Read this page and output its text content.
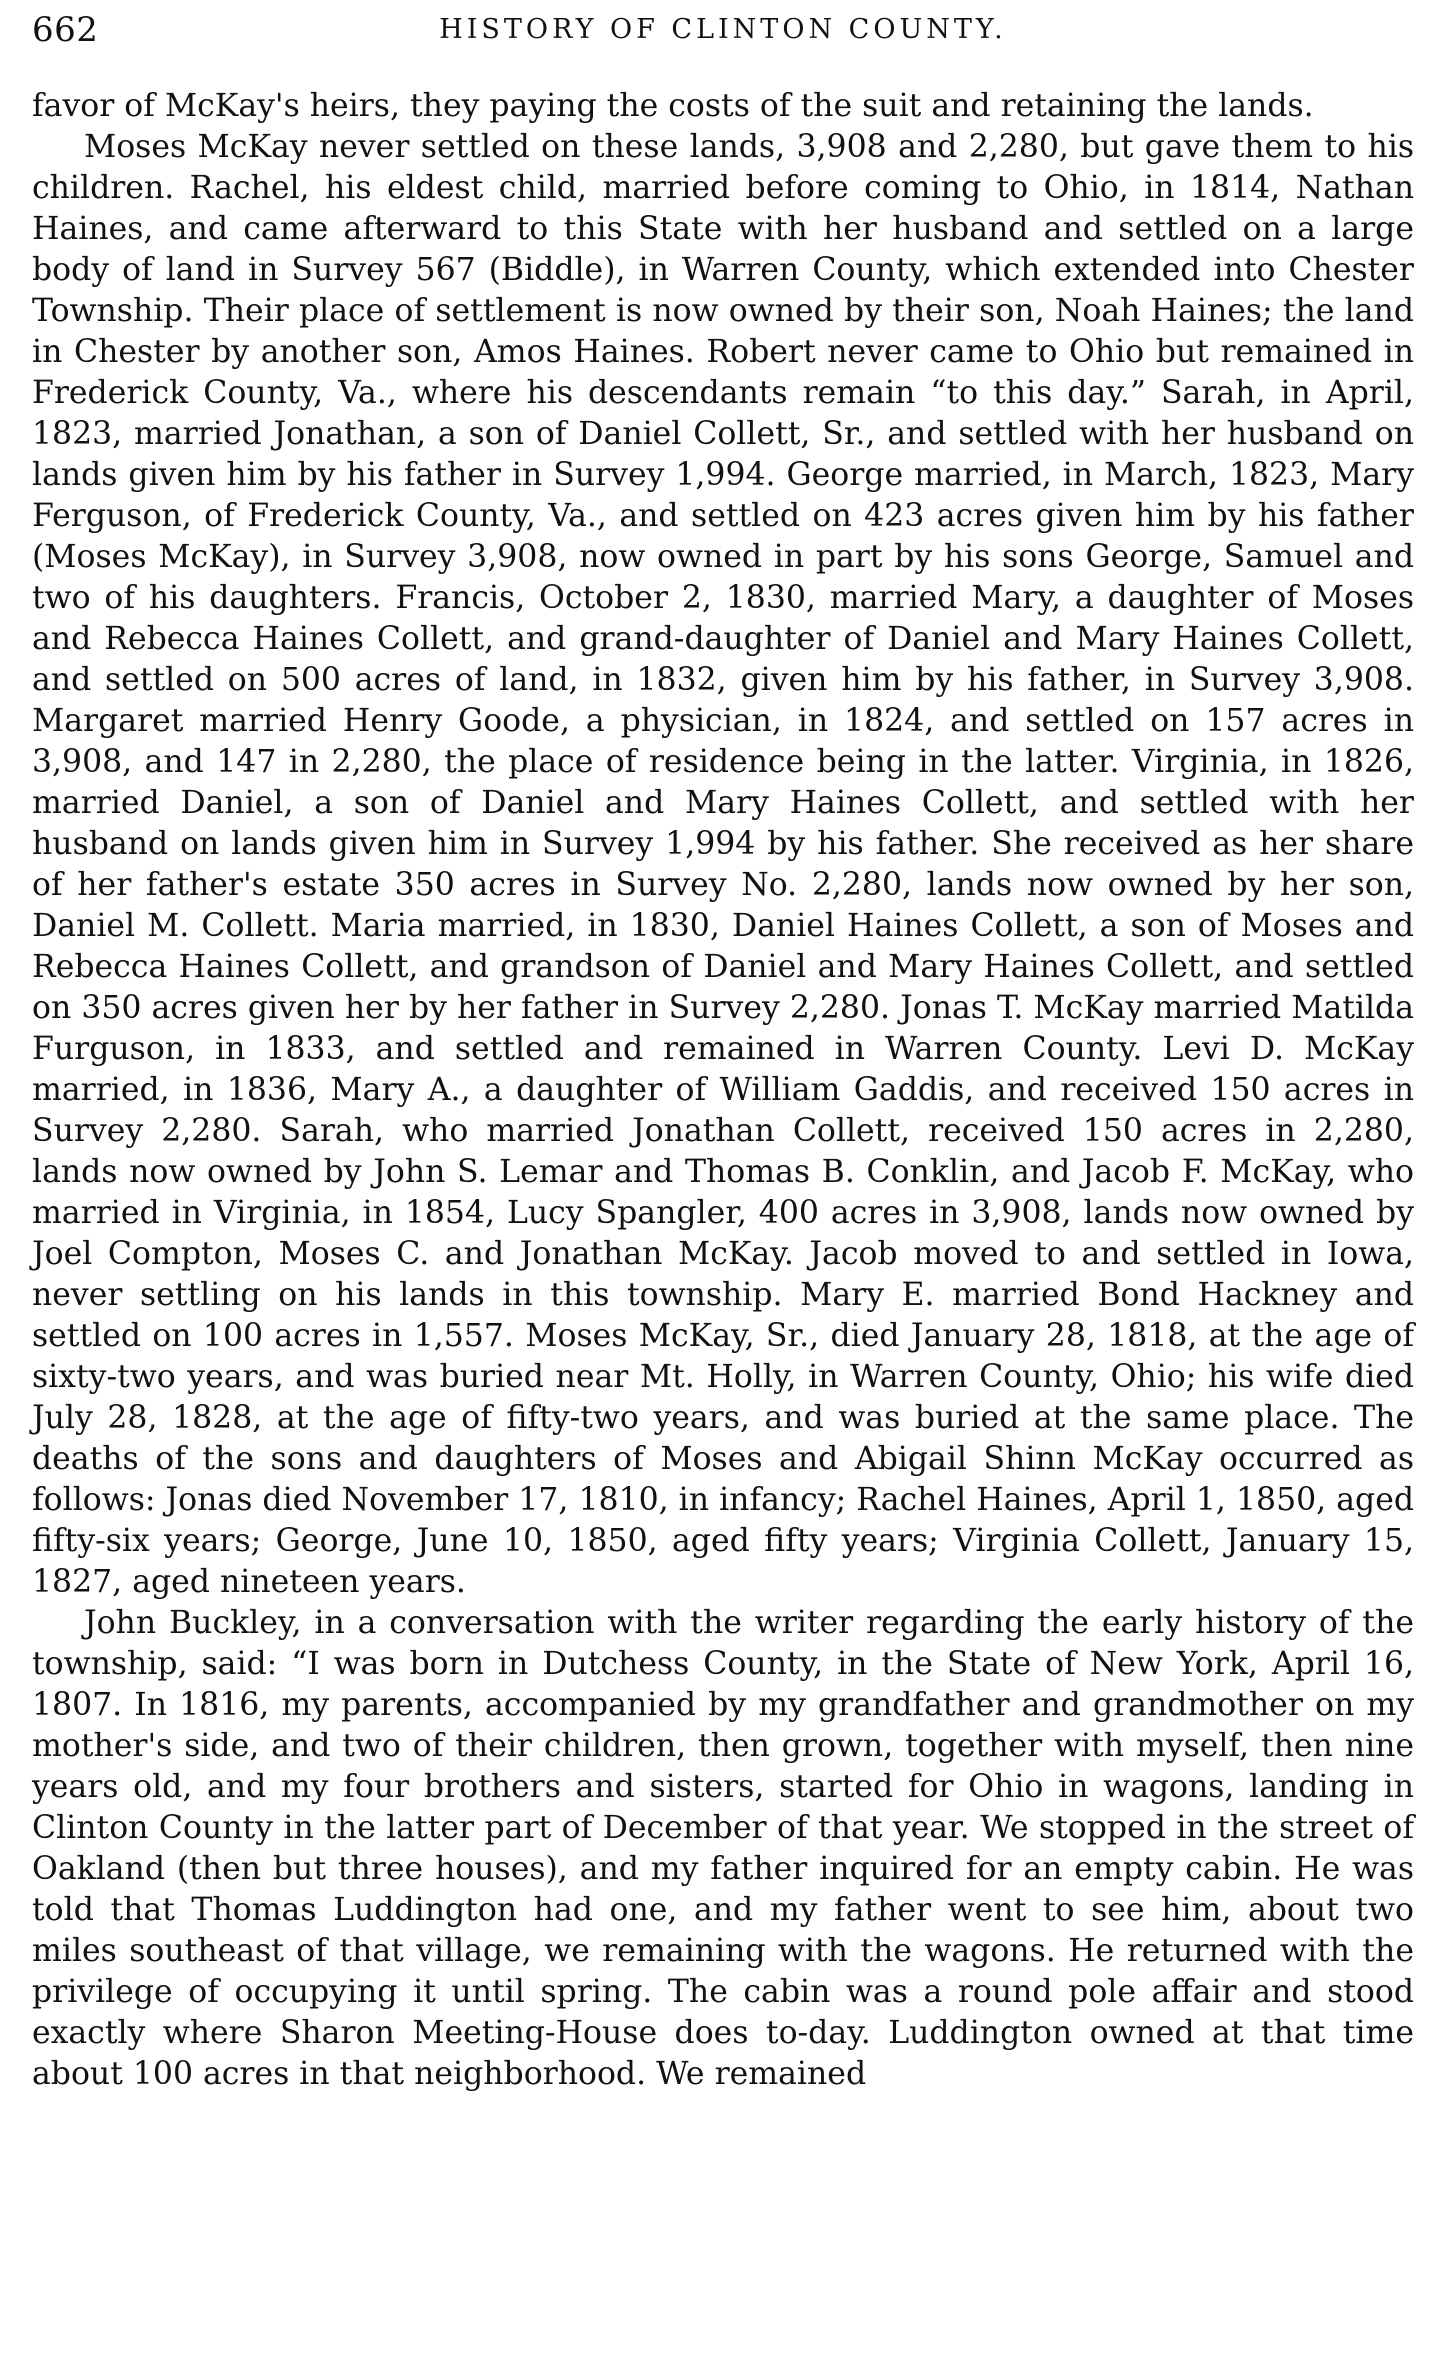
662	HISTORY OF CLINTON COUNTY.

favor of McKay's heirs, they paying the costs of the suit and retaining the lands.

Moses McKay never settled on these lands, 3,908 and 2,280, but gave them to his children. Rachel, his eldest child, married before coming to Ohio, in 1814, Nathan Haines, and came afterward to this State with her husband and settled on a large body of land in Survey 567 (Biddle), in Warren County, which extended into Chester Township. Their place of settlement is now owned by their son, Noah Haines; the land in Chester by another son, Amos Haines. Robert never came to Ohio but remained in Frederick County, Va., where his descendants remain “to this day.” Sarah, in April, 1823, married Jonathan, a son of Daniel Collett, Sr., and settled with her husband on lands given him by his father in Survey 1,994. George married, in March, 1823, Mary Ferguson, of Frederick County, Va., and settled on 423 acres given him by his father (Moses McKay), in Survey 3,908, now owned in part by his sons George, Samuel and two of his daughters. Francis, October 2, 1830, married Mary, a daughter of Moses and Rebecca Haines Collett, and grand-daughter of Daniel and Mary Haines Collett, and settled on 500 acres of land, in 1832, given him by his father, in Survey 3,908. Margaret married Henry Goode, a physician, in 1824, and settled on 157 acres in 3,908, and 147 in 2,280, the place of residence being in the latter. Virginia, in 1826, married Daniel, a son of Daniel and Mary Haines Collett, and settled with her husband on lands given him in Survey 1,994 by his father. She received as her share of her father's estate 350 acres in Survey No. 2,280, lands now owned by her son, Daniel M. Collett. Maria married, in 1830, Daniel Haines Collett, a son of Moses and Rebecca Haines Collett, and grandson of Daniel and Mary Haines Collett, and settled on 350 acres given her by her father in Survey 2,280. Jonas T. McKay married Matilda Furguson, in 1833, and settled and remained in Warren County. Levi D. McKay married, in 1836, Mary A., a daughter of William Gaddis, and received 150 acres in Survey 2,280. Sarah, who married Jonathan Collett, received 150 acres in 2,280, lands now owned by John S. Lemar and Thomas B. Conklin, and Jacob F. McKay, who married in Virginia, in 1854, Lucy Spangler, 400 acres in 3,908, lands now owned by Joel Compton, Moses C. and Jonathan McKay. Jacob moved to and settled in Iowa, never settling on his lands in this township. Mary E. married Bond Hackney and settled on 100 acres in 1,557. Moses McKay, Sr., died January 28, 1818, at the age of sixty-two years, and was buried near Mt. Holly, in Warren County, Ohio; his wife died July 28, 1828, at the age of fifty-two years, and was buried at the same place. The deaths of the sons and daughters of Moses and Abigail Shinn McKay occurred as follows: Jonas died November 17, 1810, in infancy; Rachel Haines, April 1, 1850, aged fifty-six years; George, June 10, 1850, aged fifty years; Virginia Collett, January 15, 1827, aged nineteen years.

John Buckley, in a conversation with the writer regarding the early history of the township, said: “I was born in Dutchess County, in the State of New York, April 16, 1807. In 1816, my parents, accompanied by my grandfather and grandmother on my mother's side, and two of their children, then grown, together with myself, then nine years old, and my four brothers and sisters, started for Ohio in wagons, landing in Clinton County in the latter part of December of that year. We stopped in the street of Oakland (then but three houses), and my father inquired for an empty cabin. He was told that Thomas Luddington had one, and my father went to see him, about two miles southeast of that village, we remaining with the wagons. He returned with the privilege of occupying it until spring. The cabin was a round pole affair and stood exactly where Sharon Meeting-House does to-day. Luddington owned at that time about 100 acres in that neighborhood. We remained
